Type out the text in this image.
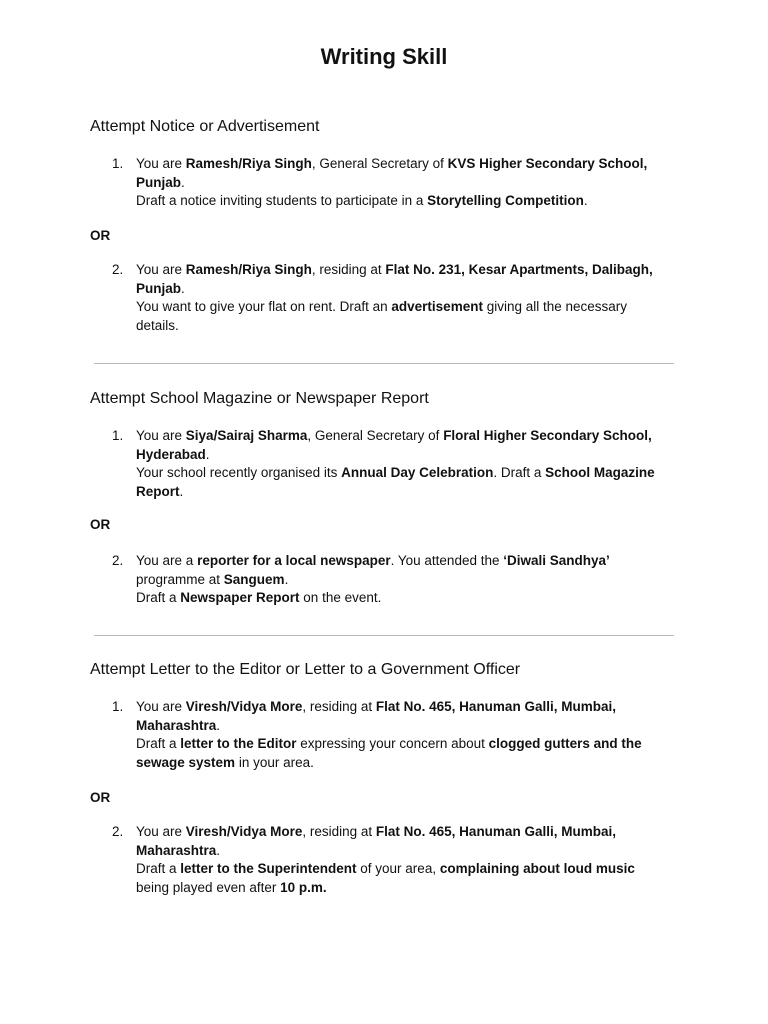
Writing Skill
Attempt Notice or Advertisement
1. You are Ramesh/Riya Singh, General Secretary of KVS Higher Secondary School,
Punjab.
Draft a notice inviting students to participate in a Storytelling Competition.
OR
2. You are Ramesh/Riya Singh, residing at Flat No. 231, Kesar Apartments, Dalibagh,
Punjab.
You want to give your flat on rent. Draft an advertisement giving all the necessary
details.
Attempt School Magazine or Newspaper Report
1. You are Siya/Sairaj Sharma, General Secretary of Floral Higher Secondary School,
Hyderabad.
Your school recently organised its Annual Day Celebration. Draft a School Magazine
Report.
OR
2. You are a reporter for a local newspaper. You attended the ‘Diwali Sandhya’
programme at Sanguem.
Draft a Newspaper Report on the event.
Attempt Letter to the Editor or Letter to a Government Officer
1. You are Viresh/Vidya More, residing at Flat No. 465, Hanuman Galli, Mumbai,
Maharashtra.
Draft a letter to the Editor expressing your concern about clogged gutters and the
sewage system in your area.
OR
2. You are Viresh/Vidya More, residing at Flat No. 465, Hanuman Galli, Mumbai,
Maharashtra.
Draft a letter to the Superintendent of your area, complaining about loud music
being played even after 10 p.m.
